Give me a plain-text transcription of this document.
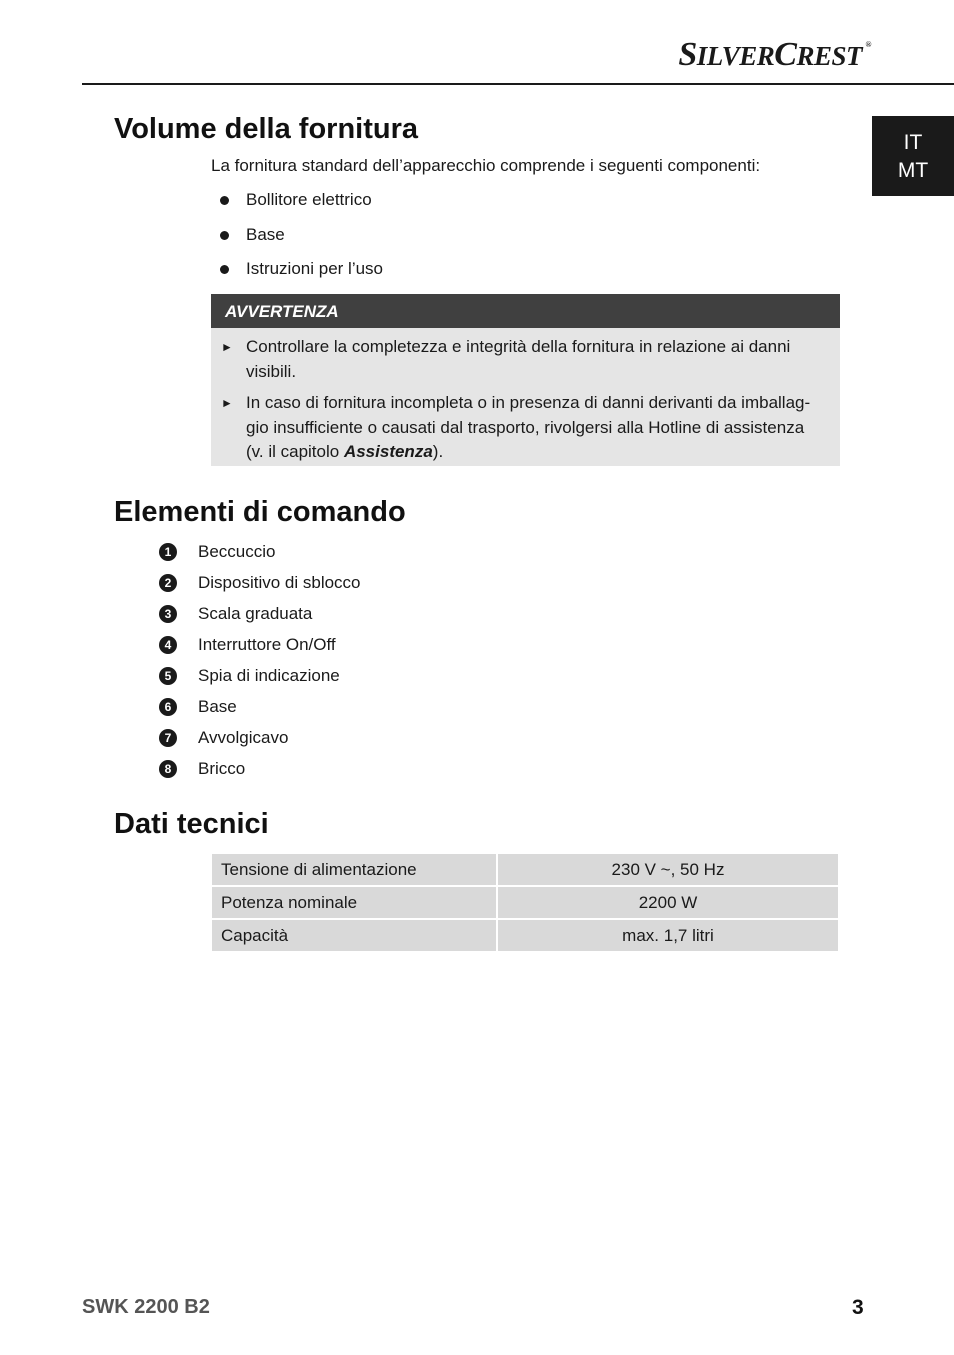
SILVERCREST ®
IT
MT
Volume della fornitura
La fornitura standard dell’apparecchio comprende i seguenti componenti:
Bollitore elettrico
Base
Istruzioni per l’uso
AVVERTENZA
► Controllare la completezza e integrità della fornitura in relazione ai danni
visibili.
► In caso di fornitura incompleta o in presenza di danni derivanti da imballag-
gio insufficiente o causati dal trasporto, rivolgersi alla Hotline di assistenza
(v. il capitolo Assistenza).
Elementi di comando
1	Beccuccio
2	Dispositivo di sblocco
3	Scala graduata
4	Interruttore On/Off
5	Spia di indicazione
6	Base
7	Avvolgicavo
8	Bricco
Dati tecnici
Tensione di alimentazione	230 V ~, 50 Hz
Potenza nominale	2200 W
Capacità	max. 1,7 litri
SWK 2200 B2	3
